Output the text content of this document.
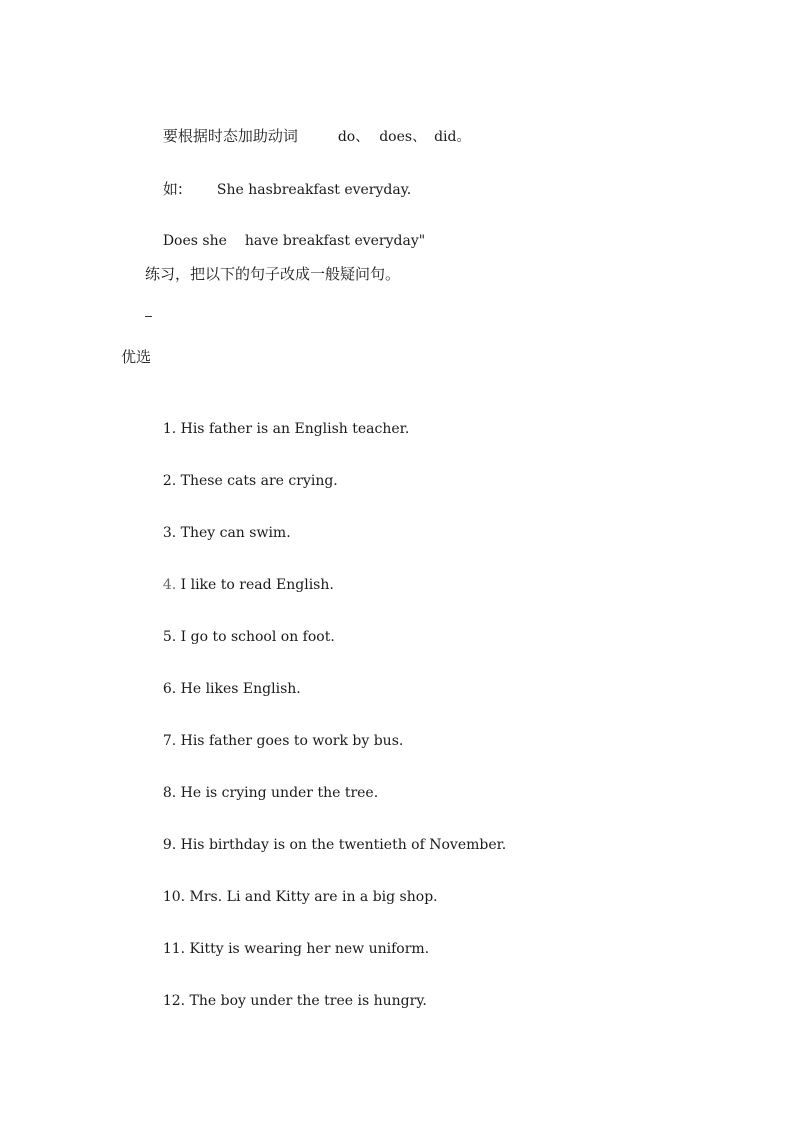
要根据时态加助动词	do、 does、 did。

如: She hasbreakfast everyday.

Does she have breakfast everyday"

练习，把以下的句子改成一般疑问句。
优选

1. His father is an English teacher.

2. These cats are crying.

3. They can swim.

4. I like to read English.

5. I go to school on foot.

6. He likes English.

7. His father goes to work by bus.

8. He is crying under the tree.

9. His birthday is on the twentieth of November.

10. Mrs. Li and Kitty are in a big shop.

11. Kitty is wearing her new uniform.

12. The boy under the tree is hungry.
